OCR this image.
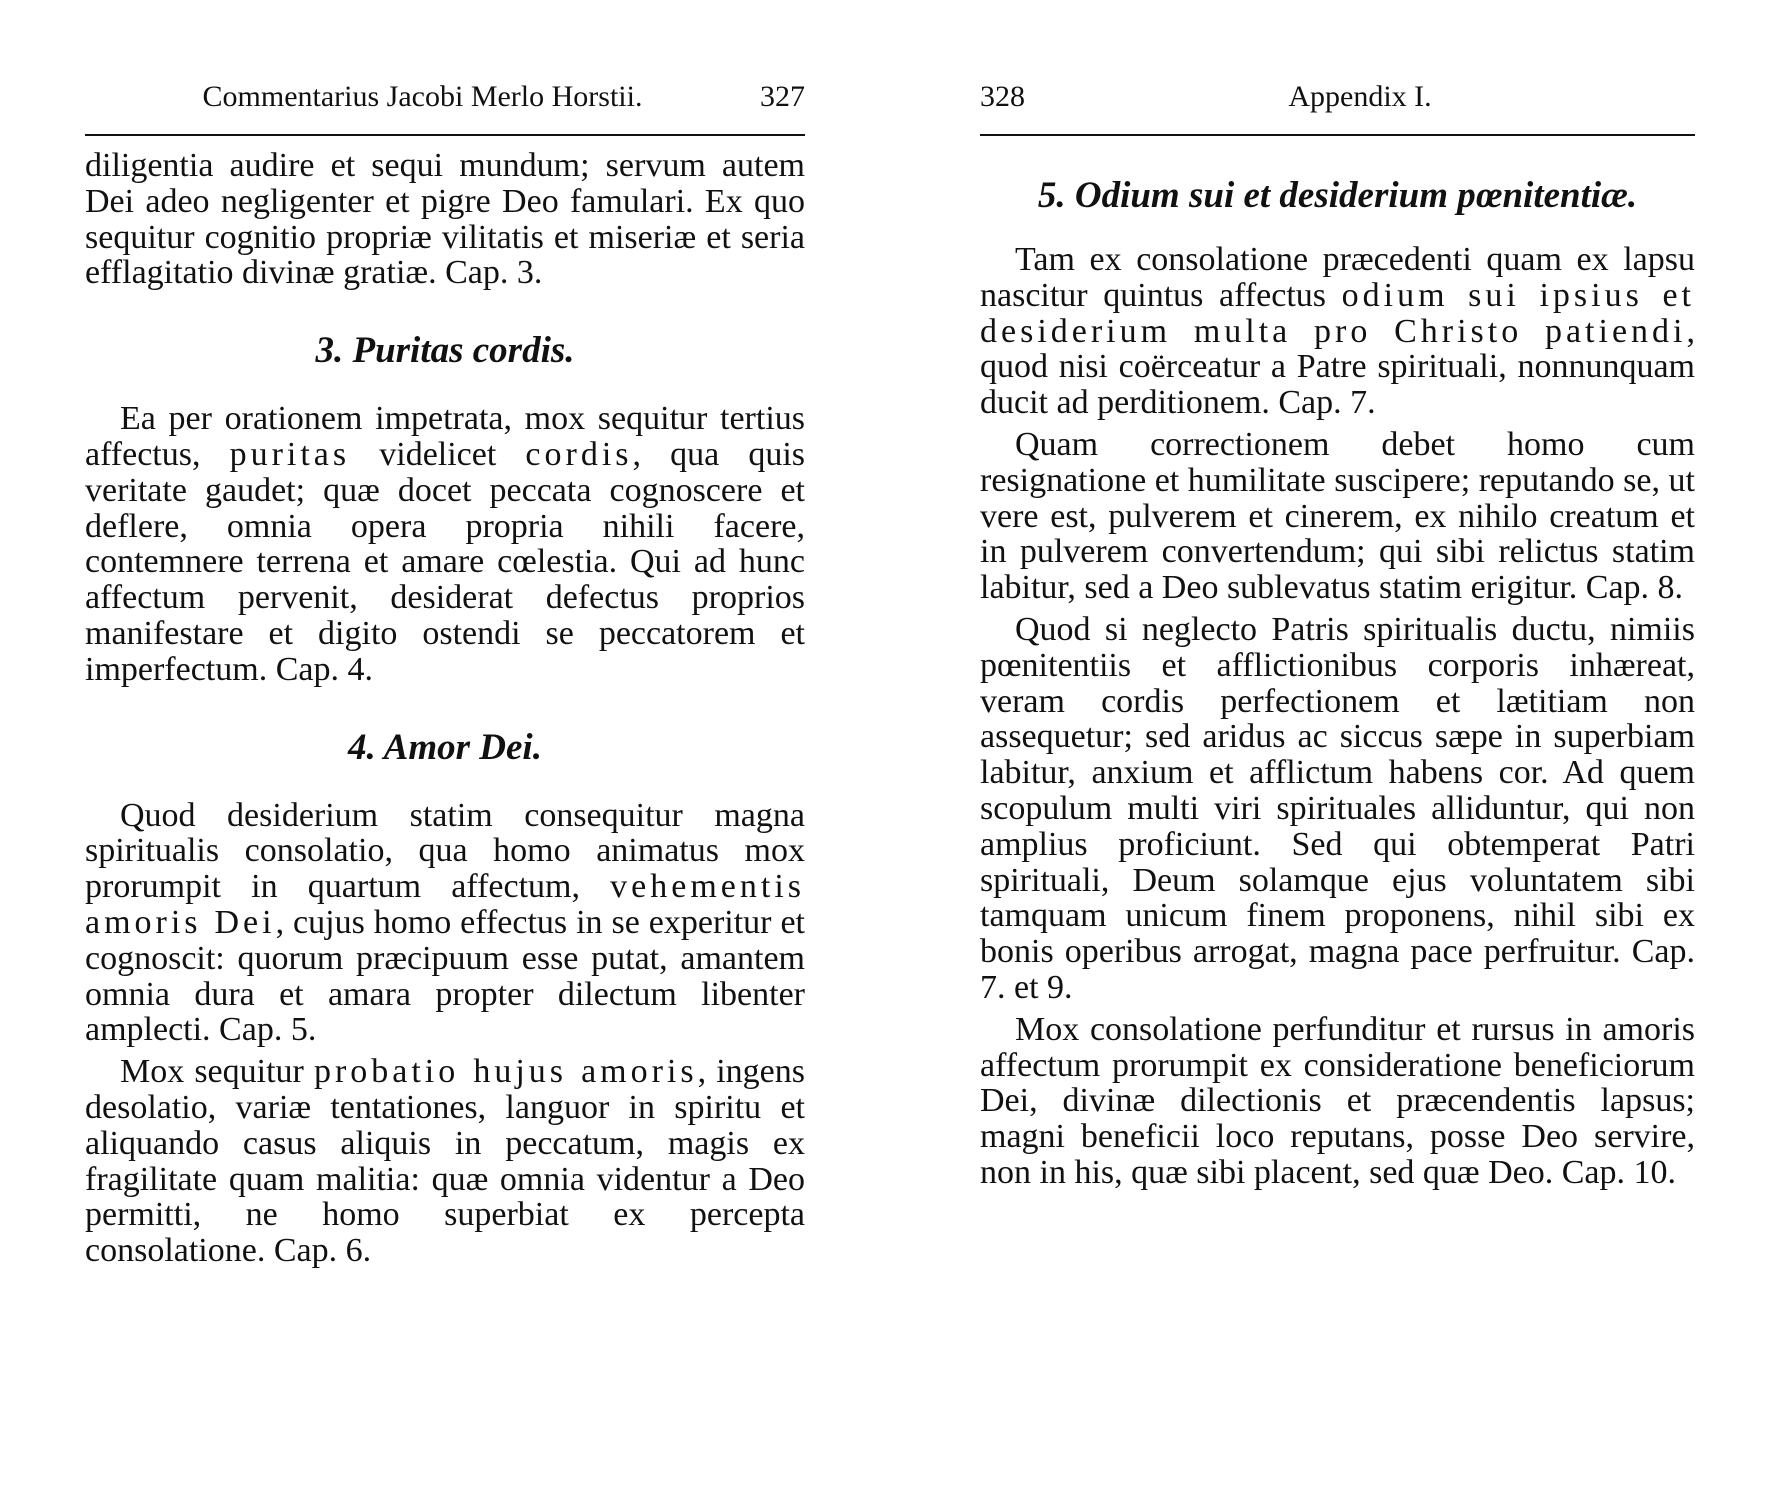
Commentarius Jacobi Merlo Horstii.	327

diligentia audire et sequi mundum; servum autem Dei adeo negligenter et pigre Deo famulari. Ex quo sequitur cognitio propriæ vilitatis et miseriæ et seria efflagitatio divinæ gratiæ. Cap. 3.

3. Puritas cordis.

Ea per orationem impetrata, mox sequitur tertius affectus, puritas videlicet cordis, qua quis veritate gaudet; quæ docet peccata cognoscere et deflere, omnia opera propria nihili facere, contemnere terrena et amare cœlestia. Qui ad hunc affectum pervenit, desiderat defectus proprios manifestare et digito ostendi se peccatorem et imperfectum. Cap. 4.

4. Amor Dei.

Quod desiderium statim consequitur magna spiritualis consolatio, qua homo animatus mox prorumpit in quartum affectum, vehementis amoris Dei, cujus homo effectus in se experitur et cognoscit: quorum præcipuum esse putat, amantem omnia dura et amara propter dilectum libenter amplecti. Cap. 5.

Mox sequitur probatio hujus amoris, ingens desolatio, variæ tentationes, languor in spiritu et aliquando casus aliquis in peccatum, magis ex fragilitate quam malitia: quæ omnia videntur a Deo permitti, ne homo superbiat ex percepta consolatione. Cap. 6.

328	Appendix I.
5. Odium sui et desiderium pœnitentiæ.

Tam ex consolatione præcedenti quam ex lapsu nascitur quintus affectus odium sui ipsius et desiderium multa pro Christo patiendi, quod nisi coërceatur a Patre spirituali, nonnunquam ducit ad perditionem. Cap. 7.

Quam correctionem debet homo cum resignatione et humilitate suscipere; reputando se, ut vere est, pulverem et cinerem, ex nihilo creatum et in pulverem convertendum; qui sibi relictus statim labitur, sed a Deo sublevatus statim erigitur. Cap. 8.

Quod si neglecto Patris spiritualis ductu, nimiis pœnitentiis et afflictionibus corporis inhæreat, veram cordis perfectionem et lætitiam non assequetur; sed aridus ac siccus sæpe in superbiam labitur, anxium et afflictum habens cor. Ad quem scopulum multi viri spirituales alliduntur, qui non amplius proficiunt. Sed qui obtemperat Patri spirituali, Deum solamque ejus voluntatem sibi tamquam unicum finem proponens, nihil sibi ex bonis operibus arrogat, magna pace perfruitur. Cap. 7. et 9.

Mox consolatione perfunditur et rursus in amoris affectum prorumpit ex consideratione beneficiorum Dei, divinæ dilectionis et præcendentis lapsus; magni beneficii loco reputans, posse Deo servire, non in his, quæ sibi placent, sed quæ Deo. Cap. 10.
